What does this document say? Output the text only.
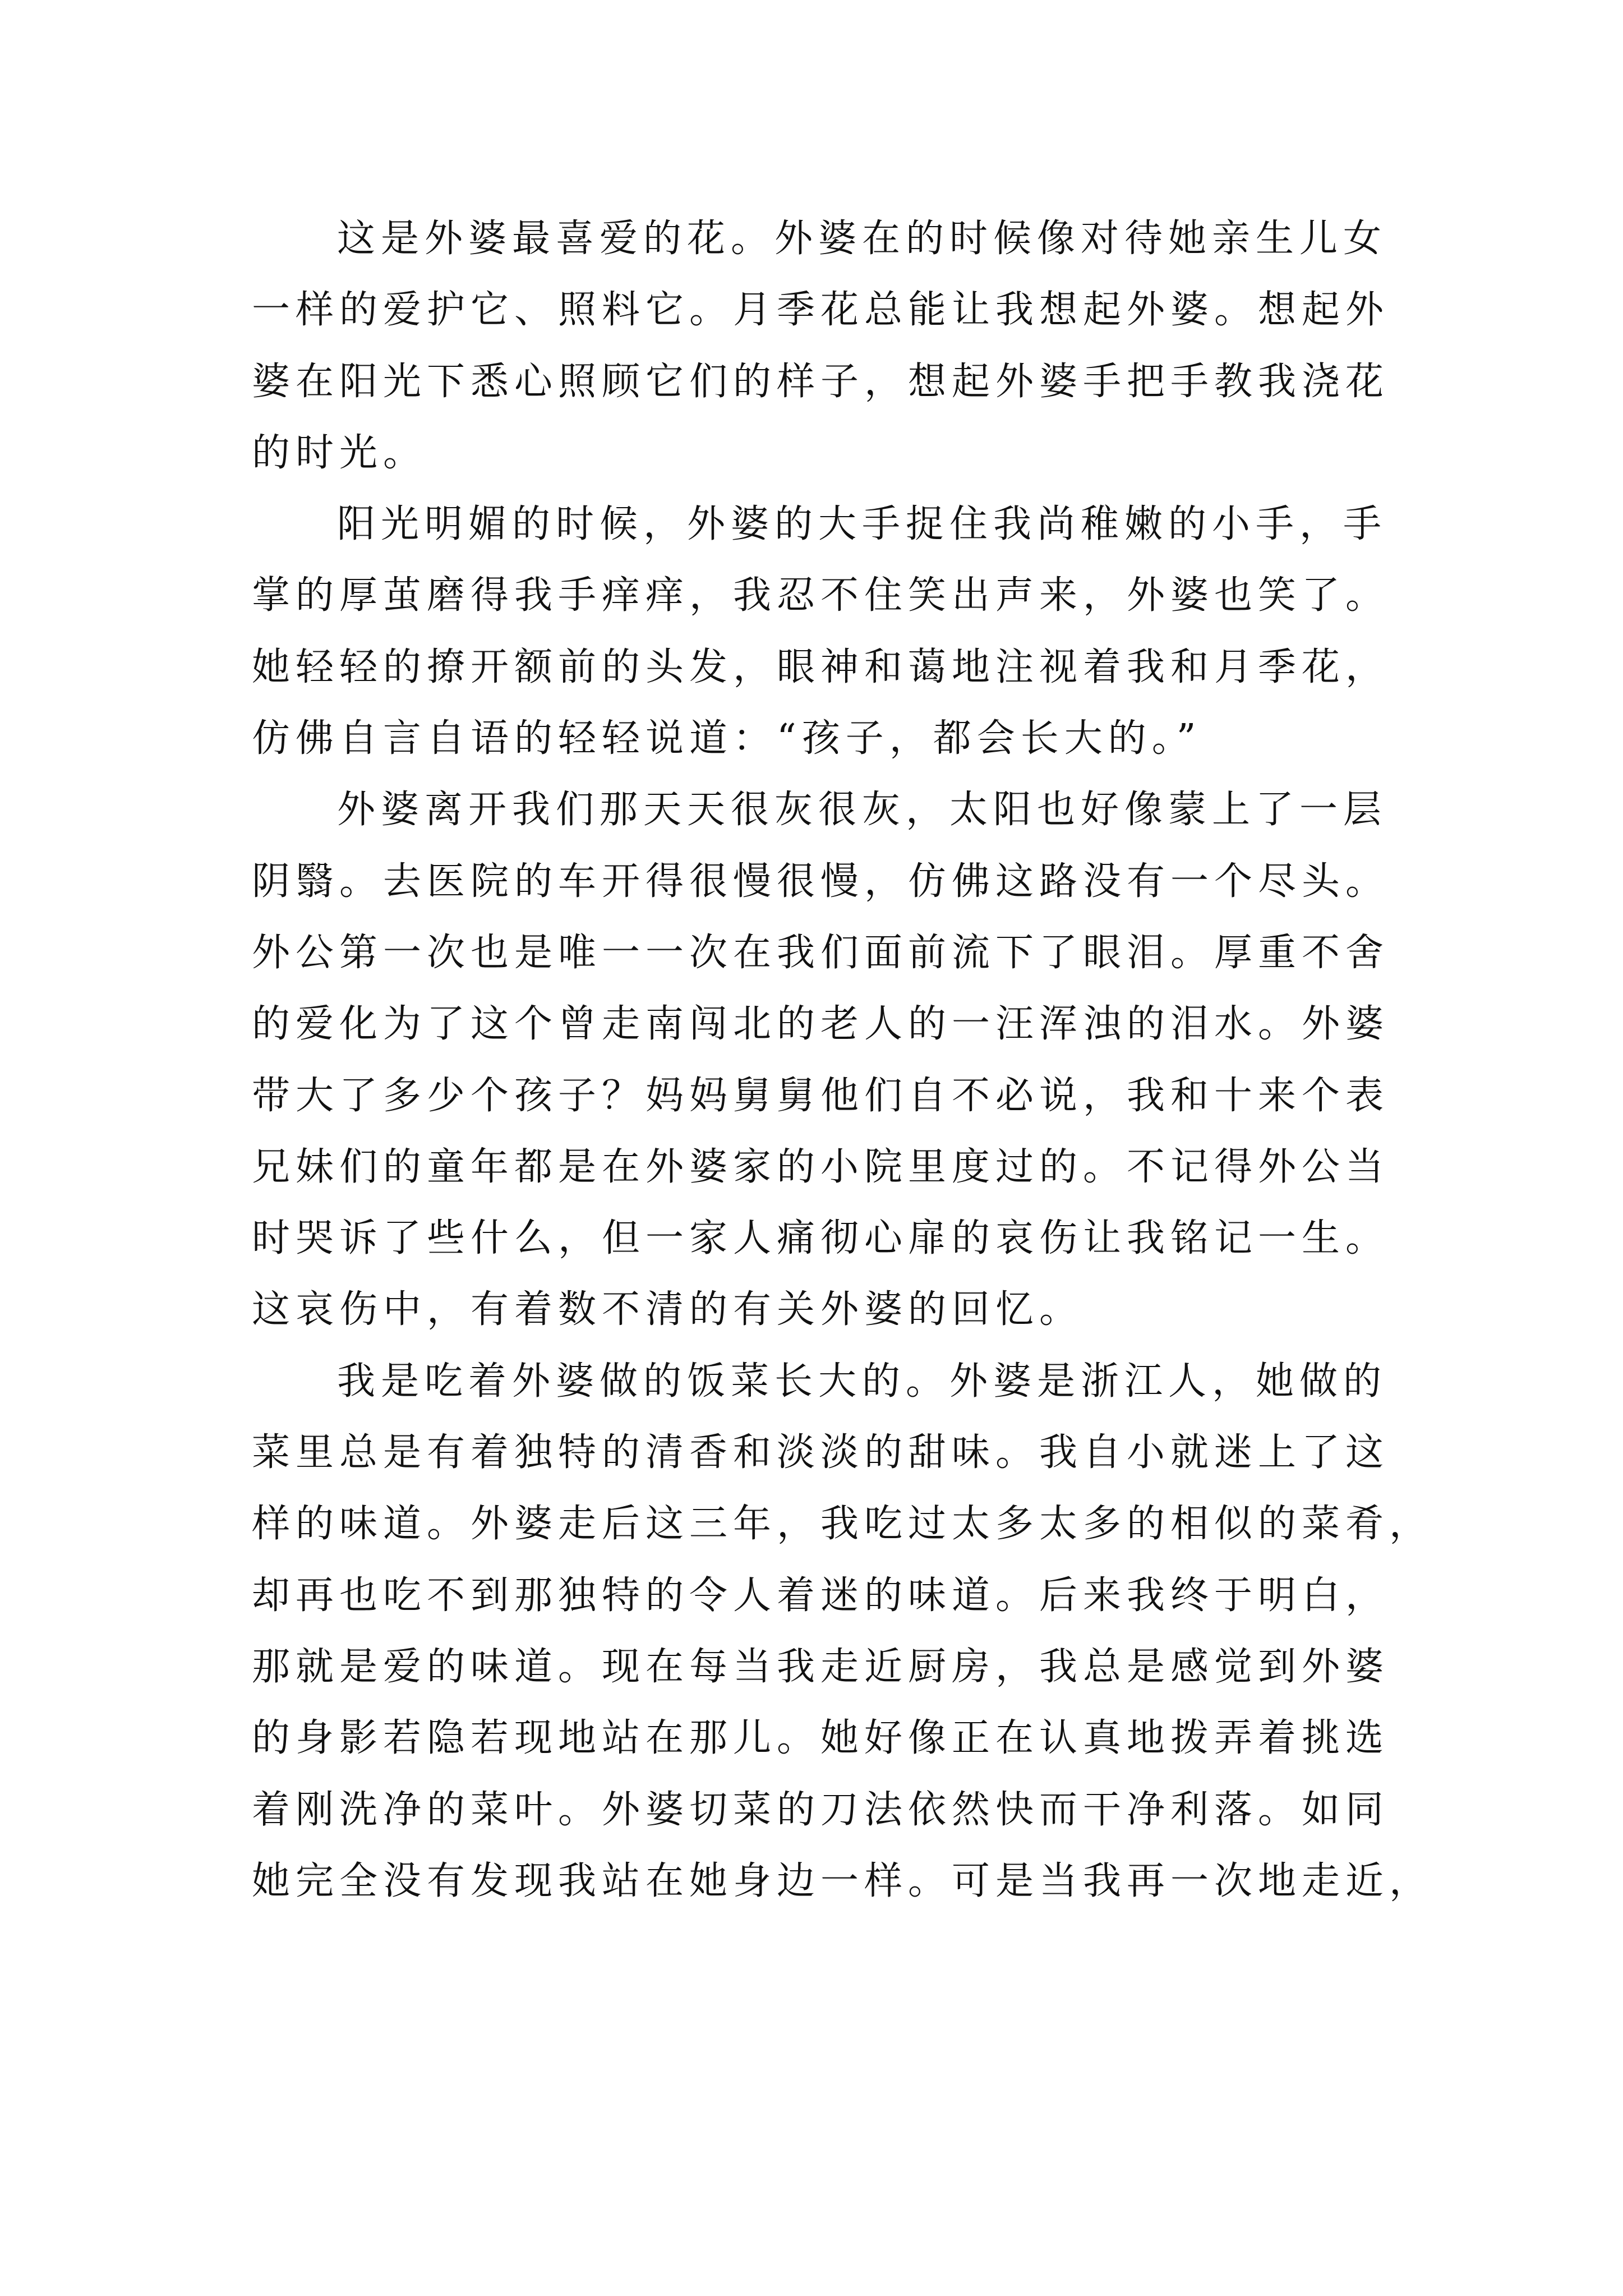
这是外婆最喜爱的花。外婆在的时候像对待她亲生儿女
一样的爱护它、照料它。月季花总能让我想起外婆。想起外
婆在阳光下悉心照顾它们的样子，想起外婆手把手教我浇花
的时光。
阳光明媚的时候，外婆的大手捉住我尚稚嫩的小手，手
掌的厚茧磨得我手痒痒，我忍不住笑出声来，外婆也笑了。
她轻轻的撩开额前的头发，眼神和蔼地注视着我和月季花，
仿佛自言自语的轻轻说道：“孩子，都会长大的。”
外婆离开我们那天天很灰很灰，太阳也好像蒙上了一层
阴翳。去医院的车开得很慢很慢，仿佛这路没有一个尽头。
外公第一次也是唯一一次在我们面前流下了眼泪。厚重不舍
的爱化为了这个曾走南闯北的老人的一汪浑浊的泪水。外婆
带大了多少个孩子？妈妈舅舅他们自不必说，我和十来个表
兄妹们的童年都是在外婆家的小院里度过的。不记得外公当
时哭诉了些什么，但一家人痛彻心扉的哀伤让我铭记一生。
这哀伤中，有着数不清的有关外婆的回忆。
我是吃着外婆做的饭菜长大的。外婆是浙江人，她做的
菜里总是有着独特的清香和淡淡的甜味。我自小就迷上了这
样的味道。外婆走后这三年，我吃过太多太多的相似的菜肴，
却再也吃不到那独特的令人着迷的味道。后来我终于明白，
那就是爱的味道。现在每当我走近厨房，我总是感觉到外婆
的身影若隐若现地站在那儿。她好像正在认真地拨弄着挑选
着刚洗净的菜叶。外婆切菜的刀法依然快而干净利落。如同
她完全没有发现我站在她身边一样。可是当我再一次地走近，
